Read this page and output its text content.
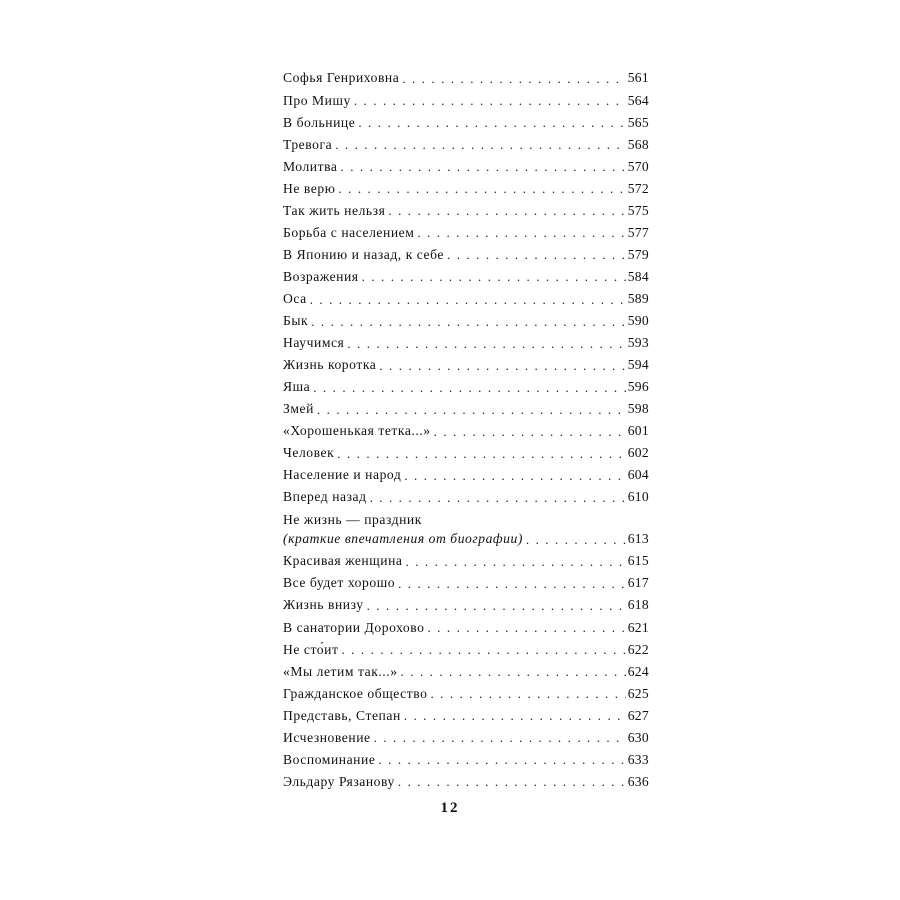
Софья Генриховна . . .	561
Про Мишу . . .	564
В больнице . . .	565
Тревога . . .	568
Молитва . . .	570
Не верю . . .	572
Так жить нельзя . . .	575
Борьба с населением . . .	577
В Японию и назад, к себе . . .	579
Возражения . . .	584
Оса . . .	589
Бык . . .	590
Научимся . . .	593
Жизнь коротка . . .	594
Яша . . .	596
Змей . . .	598
«Хорошенькая тетка...» . . .	601
Человек . . .	602
Население и народ . . .	604
Вперед назад . . .	610
Не жизнь — праздник
(краткие впечатления от биографии) . . .	613
Красивая женщина . . .	615
Все будет хорошо . . .	617
Жизнь внизу . . .	618
В санатории Дорохово . . .	621
Не сто́ит . . .	622
«Мы летим так...» . . .	624
Гражданское общество . . .	625
Представь, Степан . . .	627
Исчезновение . . .	630
Воспоминание . . .	633
Эльдару Рязанову . . .	636
12
